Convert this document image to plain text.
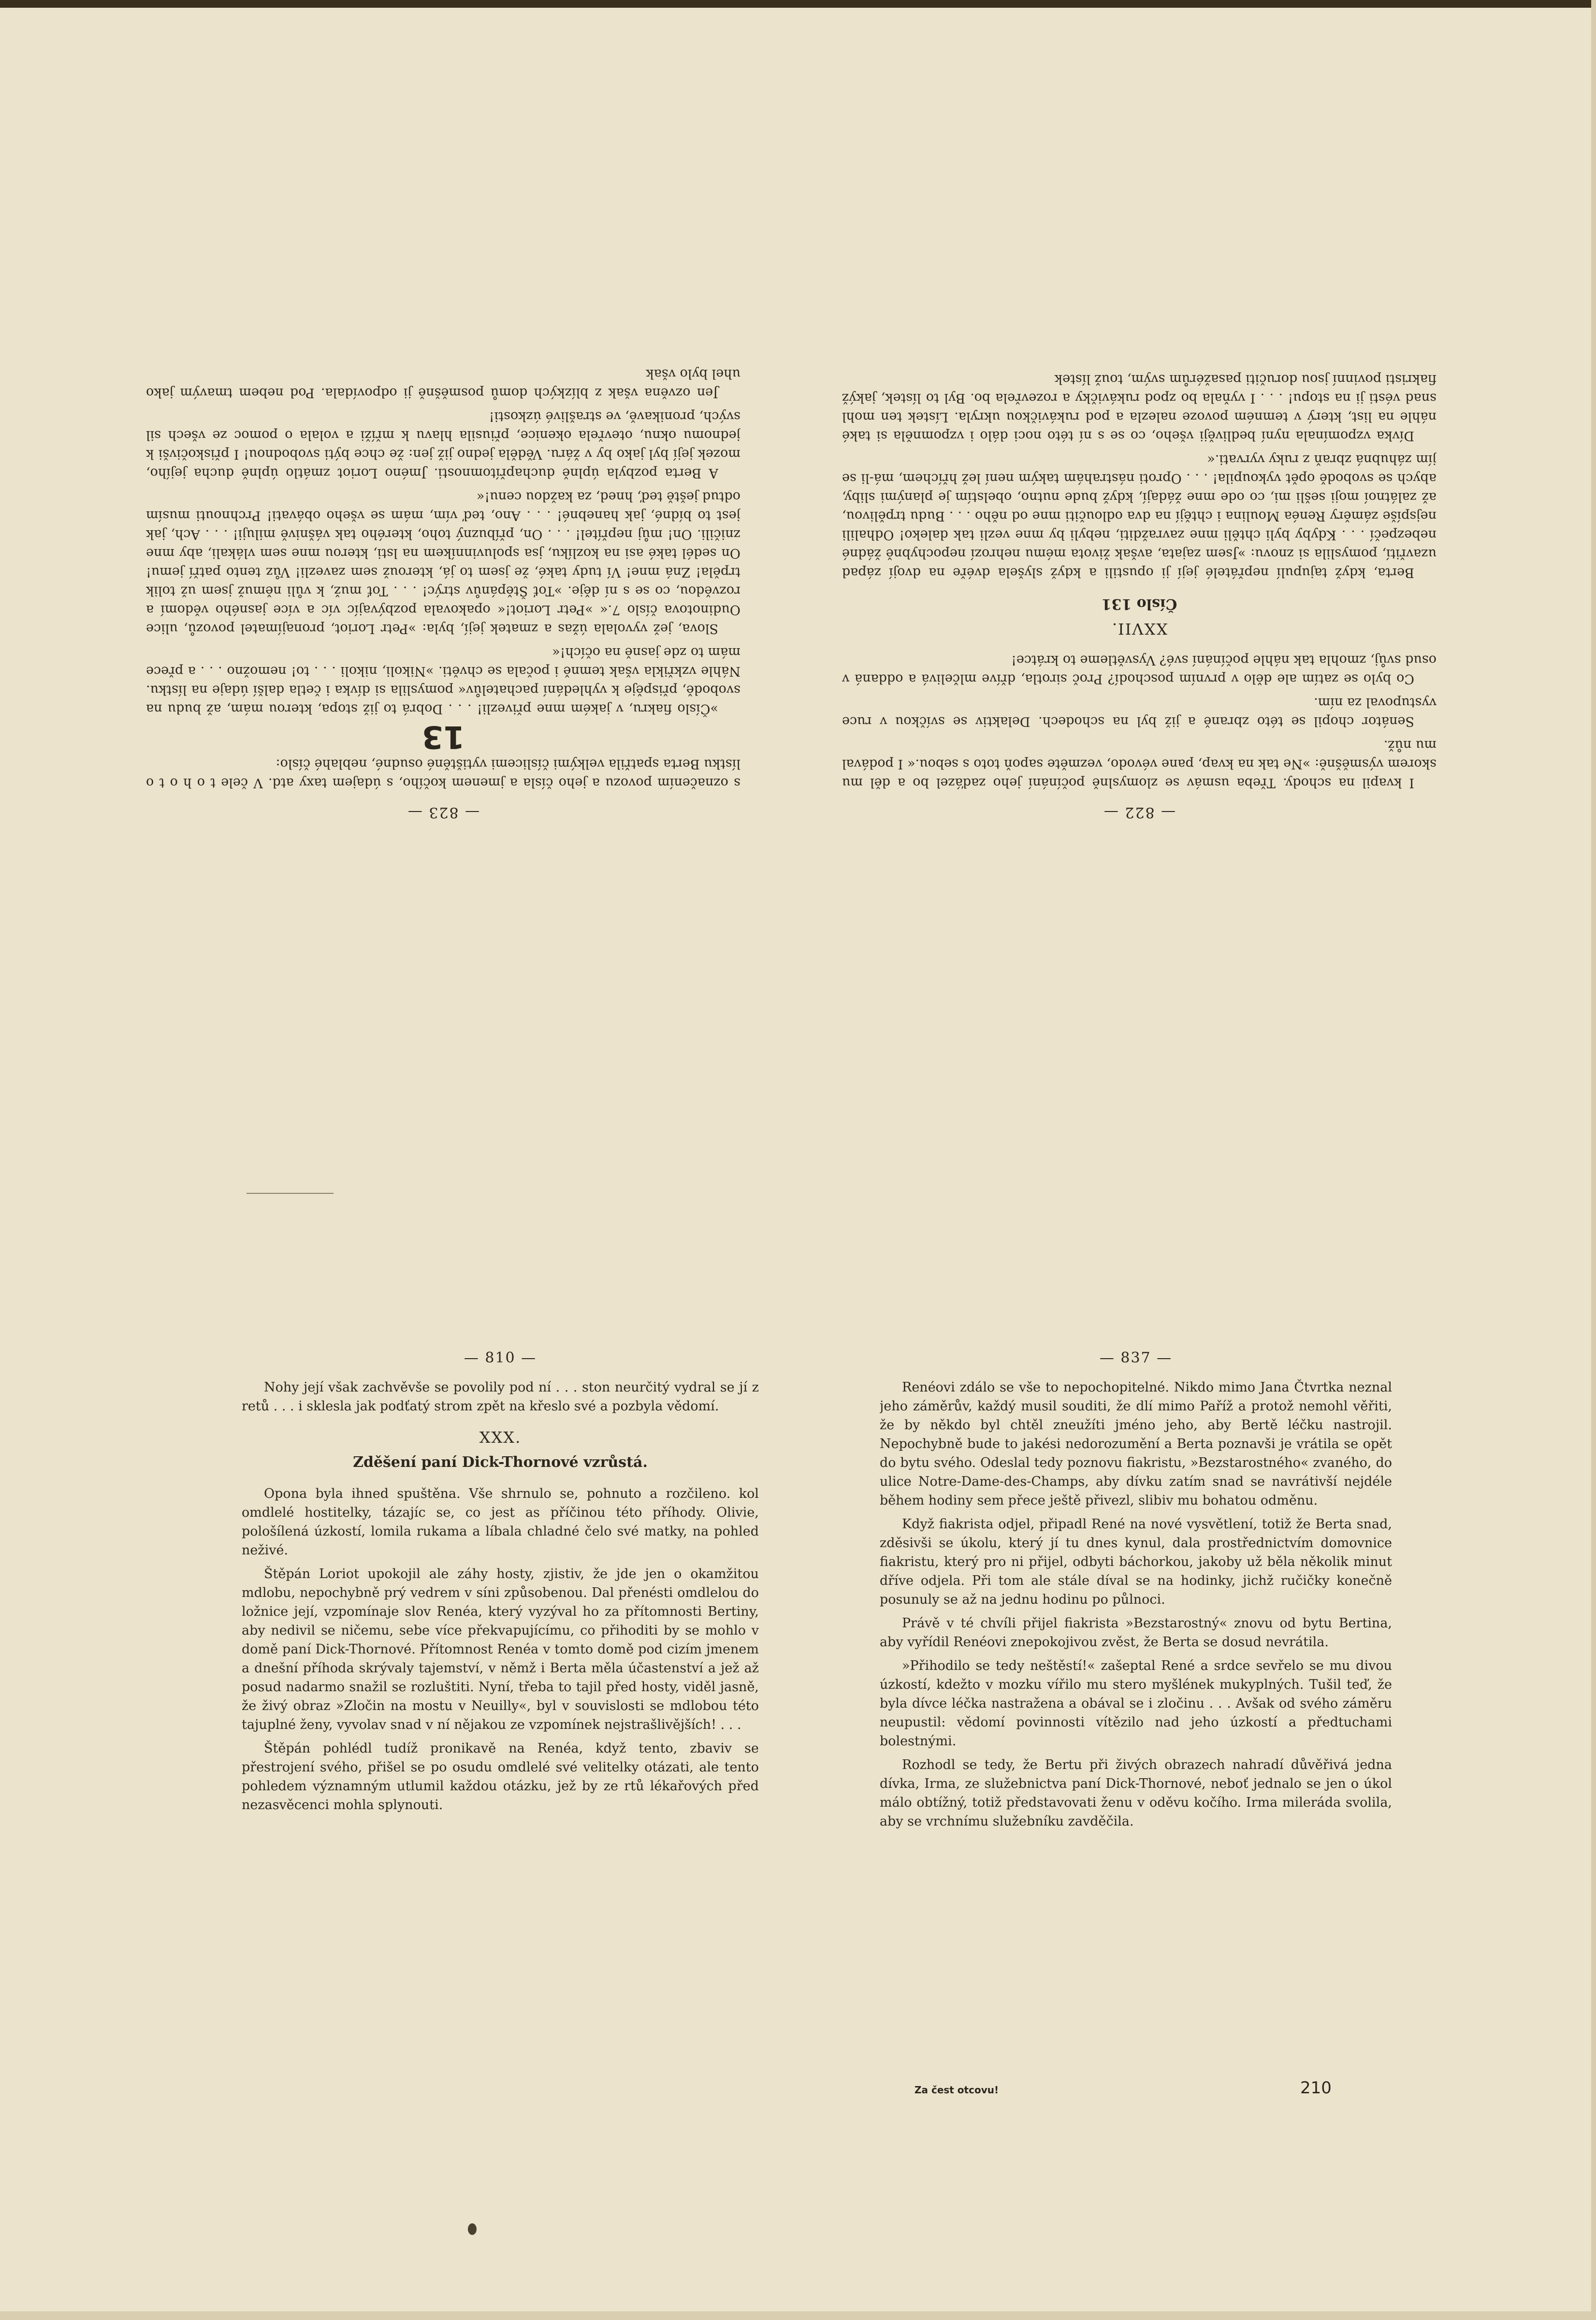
— 823 —

s označením povozu a jeho čísla a jmenem kočího, s údajem taxy atd. V čele t o h o t o lístku Berta spatřila velkými číslicemi vytištěné osudné, neblahé číslo:

13

»Číslo fiakru, v jakém mne přivezli! . . . Dobrá to již stopa, kterou mám, až budu na svobodě, přispěje k vyhledání pachatelův« pomyslila si dívka i četla další údaje na lístku. Náhle vzkřikla však temně i počala se chvěti. »Nikoli, nikoli . . . to! nemožno . . . a přece mám to zde jasně na očích!«

Slova, jež vyvolala úžas a zmatek její, byla: »Petr Loriot, pronajímatel povozů, ulice Oudinotova číslo 7.« »Petr Loriot!« opakovala pozbývajíc víc a více jasného vědomí a rozvědou, co se s ní děje. »Toť Štěpánův strýc! . . . Toť muž, k vůli němuž jsem už tolik trpěla! Zná mne! Ví tudy také, že jsem to já, kterouž sem zavezli! Vůz tento patří jemu! On sedél také asi na kozlíku, jsa spoluvinníkem na lsti, kterou mne sem vlákali, aby mne zničili. On! můj nepřítel! . . . On, příbuzný toho, kterého tak vášnivě miluji! . . . Ach, jak jest to bídné, jak hanebné! . . . Ano, teď vím, mám se všeho obávati! Prchnouti musím odtud ještě teď, hned, za každou cenu!«

A Berta pozbyla úplně duchapřítomnosti. Jméno Loriot zmátlo úplně ducha jejího, mozek její byl jako by v žáru. Věděla jedno již jen: že chce býti svobodnou! I přiskočivši k jednomu oknu, otevřela okenice, přiusila hlavu k mříži a volala o pomoc ze všech sil svých, pronikavě, ve strašlivé úzkosti!

Jen ozvěna však z blízkých domů posměšně ji odpovídala. Pod nebem tmavým jako uhel bylo však

— 822 —

I kvapil na schody. Třeba usmáv se zlomyslně počínání jeho zaďázel bo a děl mu skorem výsměšně: »Ne tak na kvap, pane vévodo, vezměte sapoň toto s sebou.« I podával mu nůž.

Senátor chopil se této zbraně a již byl na schodech. Delaktiv se svíčkou v ruce vystupoval za ním.

Co bylo se zatím ale dělo v prvním poschodí? Proč sirotla, dříve mlčelivá a oddaná v osud svůj, zmohla tak náhle počínání své? Vysvětleme to krátce!

XXVII.
Číslo 131

Berta, když tajupulí nepřátelé její ji opustili a když slyšela dvéře na dvojí západ uzavřití, pomyslila si znovu: »Jsem zajata, avšak života mému nehrozí nepochybně žádné nebezpečí . . . Kdyby byli chtěli mne zavražditi, nebyli by mne vezli tak daleko! Odhalili nejspíše záměry Renéa Moulina i chtějí na dva odloučiti mne od něho . . . Budu trpělivou, až zalátnoí moji sešli mi, co ode mne žádají, když bude nutno, obelstím je planými sliby, abych se svobodě opět vykoupila! . . . Oproti nástrahám takým není lež hříchem, má-li se jím záhubná zbraň z ruky vyrvati.«

Dívka vzpomínala nyní bedlivěji všeho, co se s ní této noci dálo i vzpomněla si také náhle na list, který v temném povoze nalezla a pod rukávičkou ukryla. Lístek ten mohl snad vésti ji na stopu! . . . I vyňala bo zpod rukávičky a rozevřela bo. Byl to lístek, jakýž fiakristi povinní jsou doručiti pasažérům svým, touž lístek

— 810 —

Nohy její však zachvěvše se povolily pod ní . . . ston neurčitý vydral se jí z retů . . . i sklesla jak podťatý strom zpět na křeslo své a pozbyla vědomí.

XXX.
Zděšení paní Dick-Thornové vzrůstá.

Opona byla ihned spuštěna. Vše shrnulo se, pohnuto a rozčileno. kol omdlelé hostitelky, tázajíc se, co jest as příčinou této příhody. Olivie, pološílená úzkostí, lomila rukama a líbala chladné čelo své matky, na pohled neživé.

Štěpán Loriot upokojil ale záhy hosty, zjistiv, že jde jen o okamžitou mdlobu, nepochybně prý vedrem v síni způsobenou. Dal přenésti omdlelou do ložnice její, vzpomínaje slov Renéa, který vyzýval ho za přítomnosti Bertiny, aby nedivil se ničemu, sebe více překvapujícímu, co přihoditi by se mohlo v domě paní Dick-Thornové. Přítomnost Renéa v tomto domě pod cizím jmenem a dnešní příhoda skrývaly tajemství, v němž i Berta měla účastenství a jež až posud nadarmo snažil se rozluštiti. Nyní, třeba to tajil před hosty, viděl jasně, že živý obraz »Zločin na mostu v Neuilly«, byl v souvislosti se mdlobou této tajuplné ženy, vyvolav snad v ní nějakou ze vzpomínek nejstrašlivějších! . . .

Štěpán pohlédl tudíž pronikavě na Renéa, když tento, zbaviv se přestrojení svého, přišel se po osudu omdlelé své velitelky otázati, ale tento pohledem významným utlumil každou otázku, jež by ze rtů lékařových před nezasvěcenci mohla splynouti.

— 837 —

Renéovi zdálo se vše to nepochopitelné. Nikdo mimo Jana Čtvrtka neznal jeho záměrův, každý musil souditi, že dlí mimo Paříž a protož nemohl věřiti, že by někdo byl chtěl zneužíti jméno jeho, aby Bertě léčku nastrojil. Nepochybně bude to jakési nedorozumění a Berta poznavši je vrátila se opět do bytu svého. Odeslal tedy poznovu fiakristu, »Bezstarostného« zvaného, do ulice Notre-Dame-des-Champs, aby dívku zatím snad se navrátivší nejdéle během hodiny sem přece ještě přivezl, slibiv mu bohatou odměnu.

Když fiakrista odjel, připadl René na nové vysvětlení, totiž že Berta snad, zděsivši se úkolu, který jí tu dnes kynul, dala prostřednictvím domovnice fiakristu, který pro ni přijel, odbyti báchorkou, jakoby už běla několik minut dříve odjela. Při tom ale stále díval se na hodinky, jichž ručičky konečně posunuly se až na jednu hodinu po půlnoci.

Právě v té chvíli přijel fiakrista »Bezstarostný« znovu od bytu Bertina, aby vyřídil Renéovi znepokojivou zvěst, že Berta se dosud nevrátila.

»Přihodilo se tedy neštěstí!« zašeptal René a srdce sevřelo se mu divou úzkostí, kdežto v mozku vířilo mu stero myšlének mukyplných. Tušil teď, že byla dívce léčka nastražena a obával se i zločinu . . . Avšak od svého záměru neupustil: vědomí povinnosti vítězilo nad jeho úzkostí a předtuchami bolestnými.

Rozhodl se tedy, že Bertu při živých obrazech nahradí důvěřivá jedna dívka, Irma, ze služebnictva paní Dick-Thornové, neboť jednalo se jen o úkol málo obtížný, totiž představovati ženu v oděvu kočího. Irma milerádа svolila, aby se vrchnímu služebníku zavděčila.

Za čest otcovu!	210
